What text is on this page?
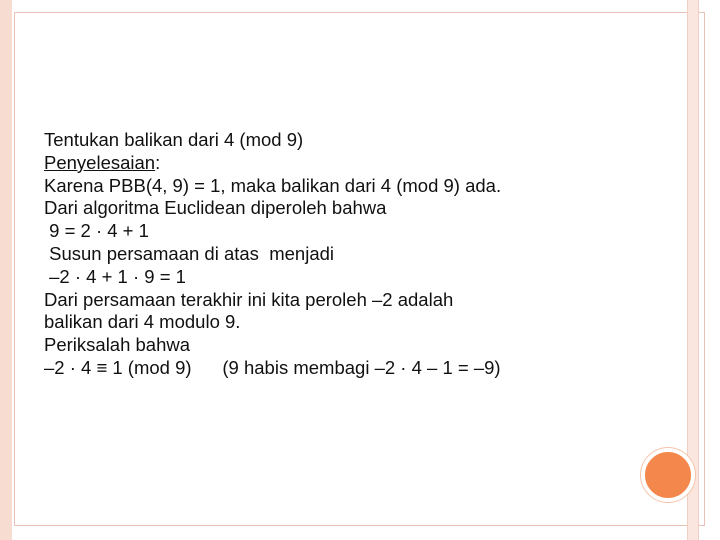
Tentukan balikan dari 4 (mod 9)
Penyelesaian:
Karena PBB(4, 9) = 1, maka balikan dari 4 (mod 9) ada.
Dari algoritma Euclidean diperoleh bahwa
9 = 2 · 4 + 1
Susun persamaan di atas  menjadi
–2 · 4 + 1 · 9 = 1
Dari persamaan terakhir ini kita peroleh –2 adalah
balikan dari 4 modulo 9.
Periksalah bahwa
–2 · 4 ≡ 1 (mod 9)      (9 habis membagi –2 · 4 – 1 = –9)
